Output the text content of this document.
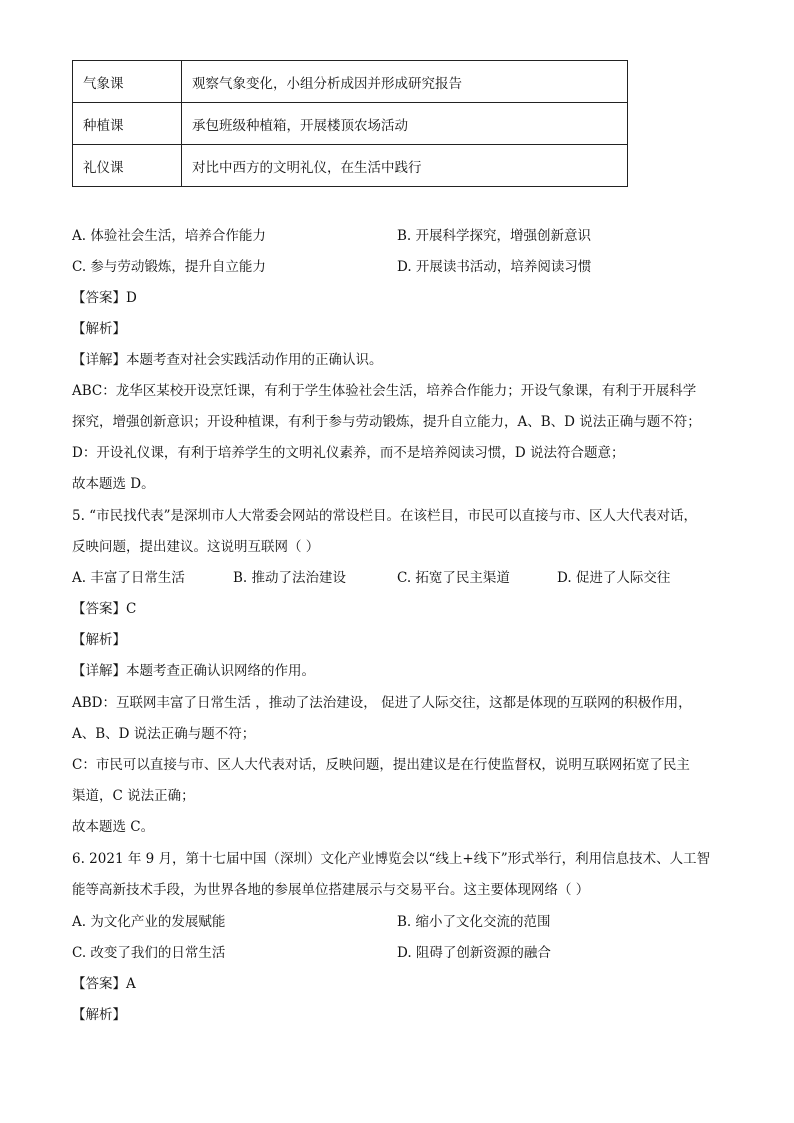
气象课	观察气象变化，小组分析成因并形成研究报告
种植课	承包班级种植箱，开展楼顶农场活动
礼仪课	对比中西方的文明礼仪，在生活中践行
A. 体验社会生活，培养合作能力	B. 开展科学探究，增强创新意识
C. 参与劳动锻炼，提升自立能力	D. 开展读书活动，培养阅读习惯
【答案】D
【解析】
【详解】本题考查对社会实践活动作用的正确认识。
ABC：龙华区某校开设烹饪课，有利于学生体验社会生活，培养合作能力；开设气象课，有利于开展科学
探究，增强创新意识；开设种植课，有利于参与劳动锻炼，提升自立能力，A、B、D 说法正确与题不符；
D：开设礼仪课，有利于培养学生的文明礼仪素养，而不是培养阅读习惯，D 说法符合题意；
故本题选 D。
5. “市民找代表”是深圳市人大常委会网站的常设栏目。在该栏目，市民可以直接与市、区人大代表对话，
反映问题，提出建议。这说明互联网（ ）
A. 丰富了日常生活	B. 推动了法治建设	C. 拓宽了民主渠道	D. 促进了人际交往
【答案】C
【解析】
【详解】本题考查正确认识网络的作用。
ABD：互联网丰富了日常生活 ，推动了法治建设， 促进了人际交往，这都是体现的互联网的积极作用，
A、B、D 说法正确与题不符；
C：市民可以直接与市、区人大代表对话，反映问题，提出建议是在行使监督权，说明互联网拓宽了民主
渠道，C 说法正确；
故本题选 C。
6. 2021 年 9 月，第十七届中国（深圳）文化产业博览会以“线上+线下”形式举行，利用信息技术、人工智
能等高新技术手段，为世界各地的参展单位搭建展示与交易平台。这主要体现网络（ ）
A. 为文化产业的发展赋能	B. 缩小了文化交流的范围
C. 改变了我们的日常生活	D. 阻碍了创新资源的融合
【答案】A
【解析】
